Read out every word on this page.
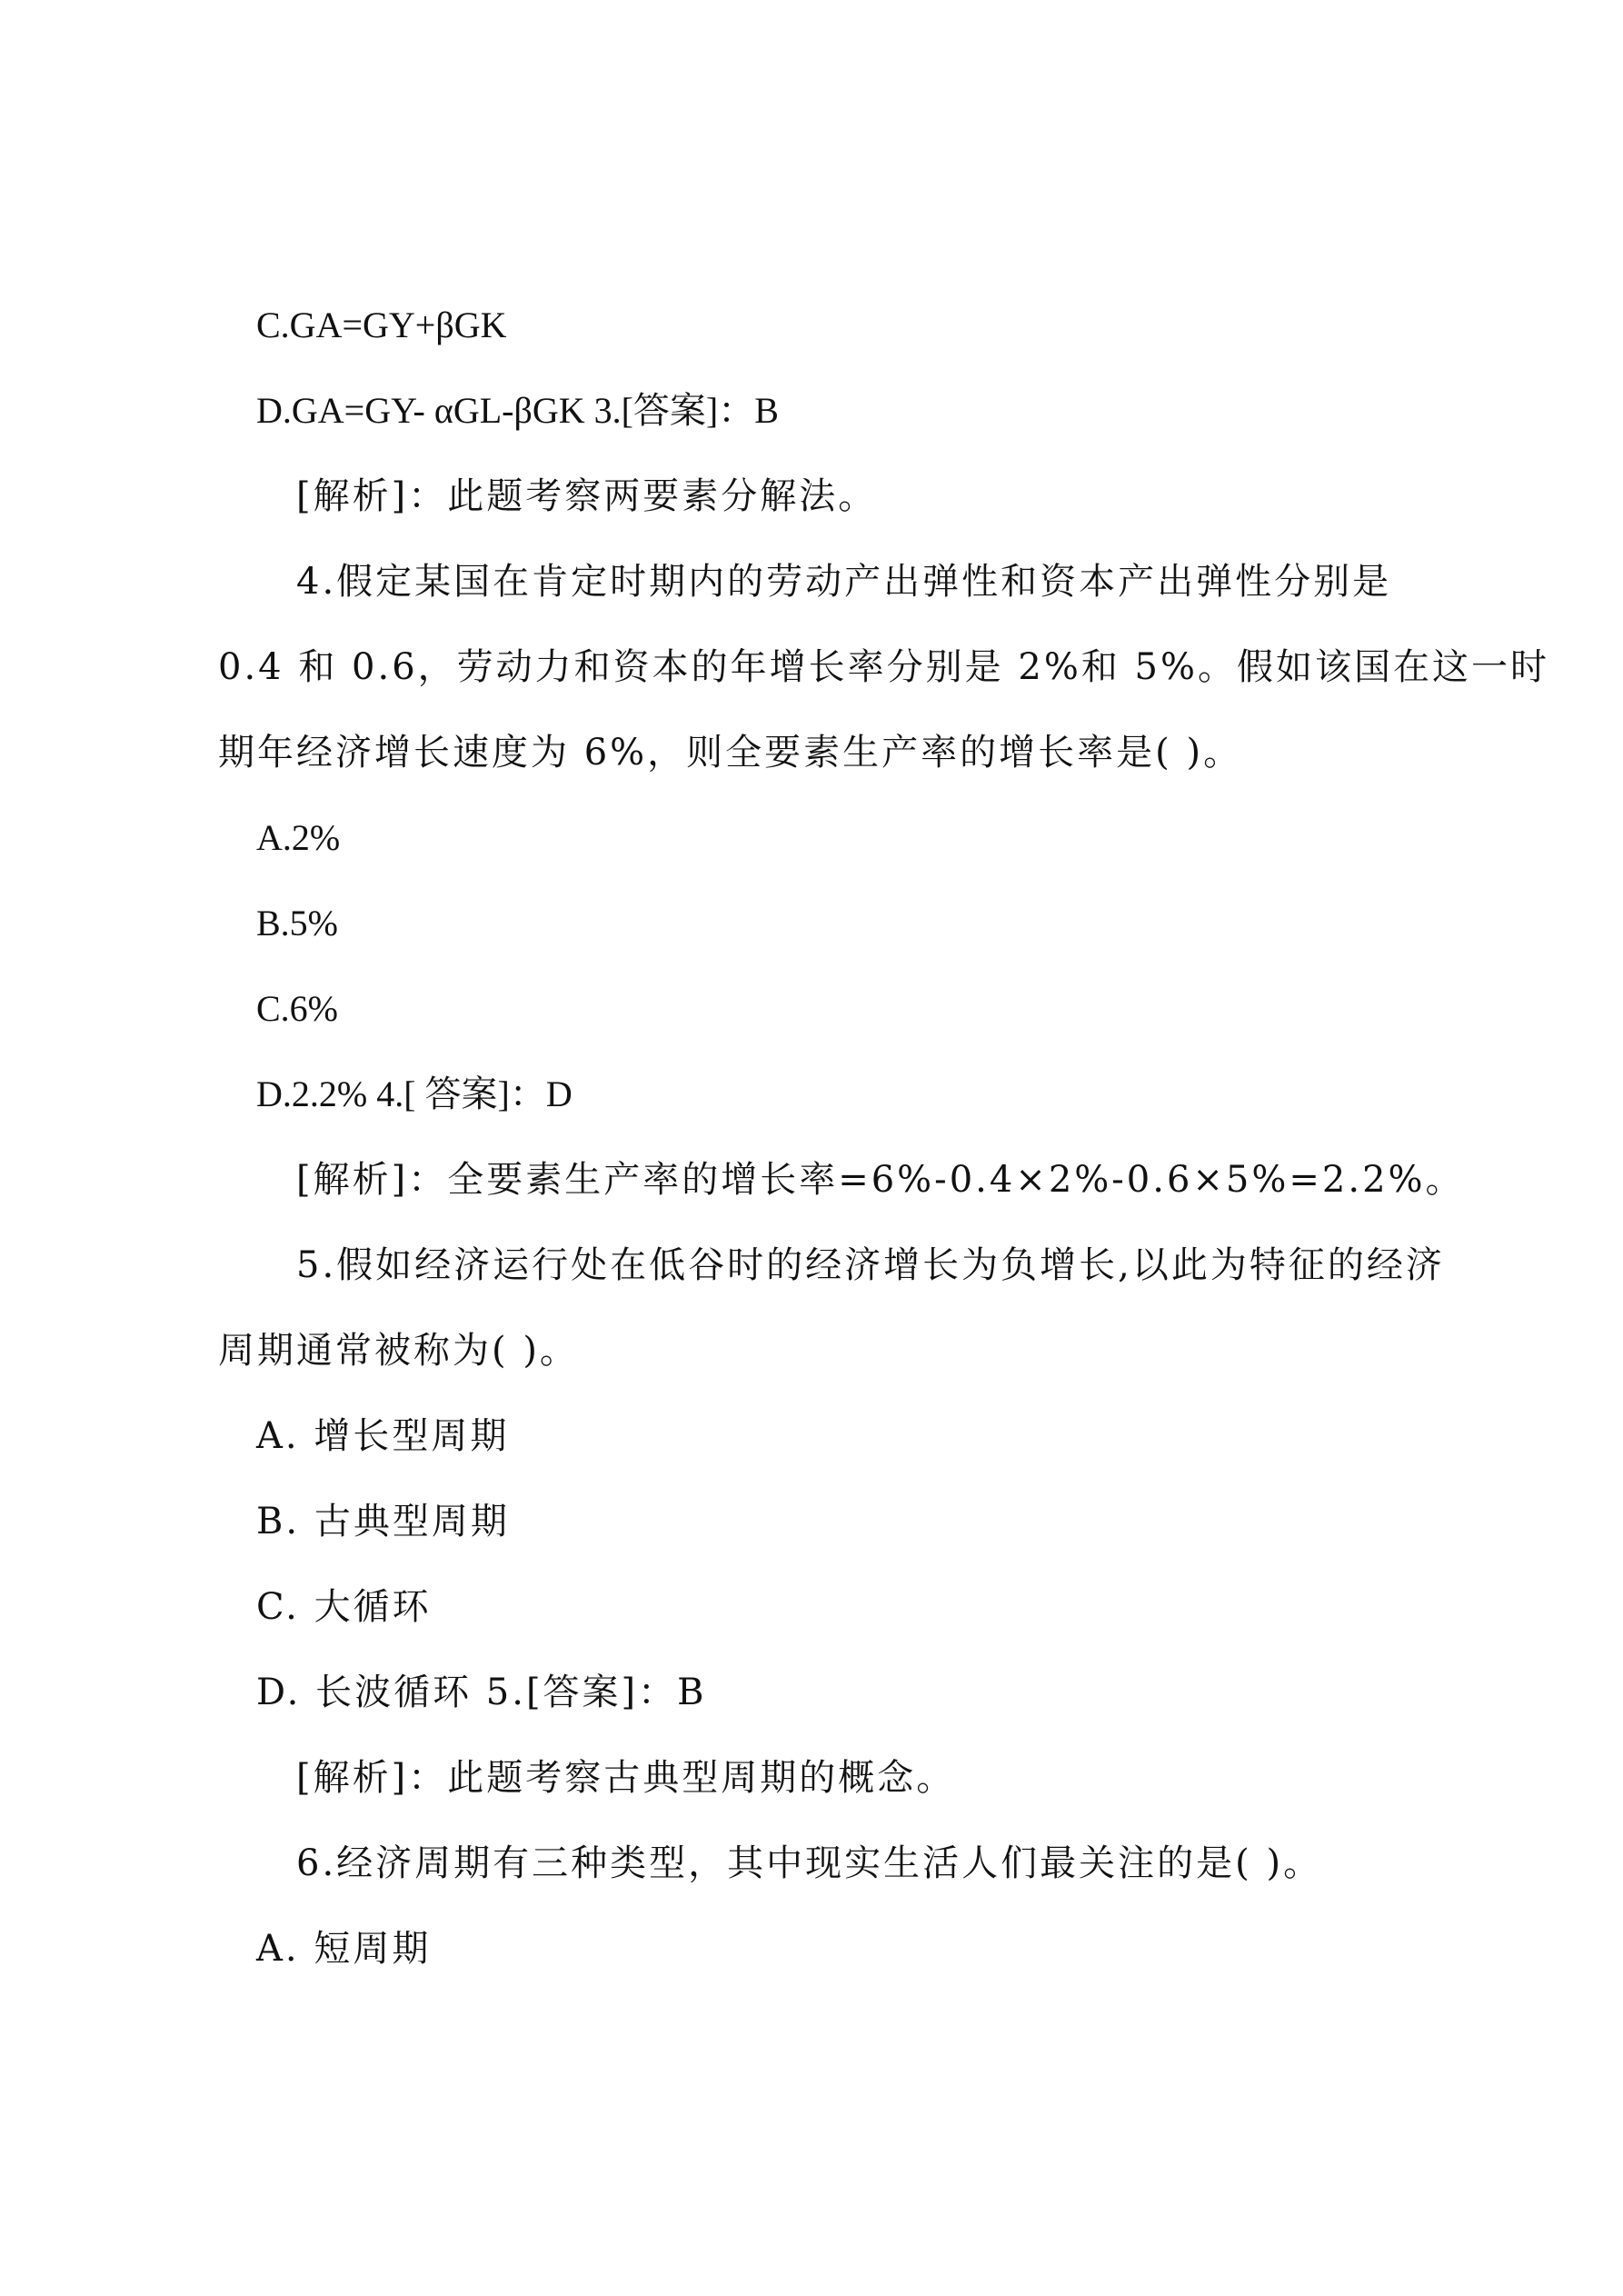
C.GA=GY+βGK
D.GA=GY- αGL-βGK 3.[答案]：B
[解析]：此题考察两要素分解法。
4.假定某国在肯定时期内的劳动产出弹性和资本产出弹性分别是
0.4 和 0.6，劳动力和资本的年增长率分别是 2%和 5%。假如该国在这一时
期年经济增长速度为 6%，则全要素生产率的增长率是( )。
A.2%
B.5%
C.6%
D.2.2% 4.[ 答案]：D
[解析]：全要素生产率的增长率=6%-0.4×2%-0.6×5%=2.2%。
5.假如经济运行处在低谷时的经济增长为负增长,以此为特征的经济
周期通常被称为( )。
A. 增长型周期
B. 古典型周期
C. 大循环
D. 长波循环 5.[答案]：B
[解析]：此题考察古典型周期的概念。
6.经济周期有三种类型，其中现实生活人们最关注的是( )。
A. 短周期
